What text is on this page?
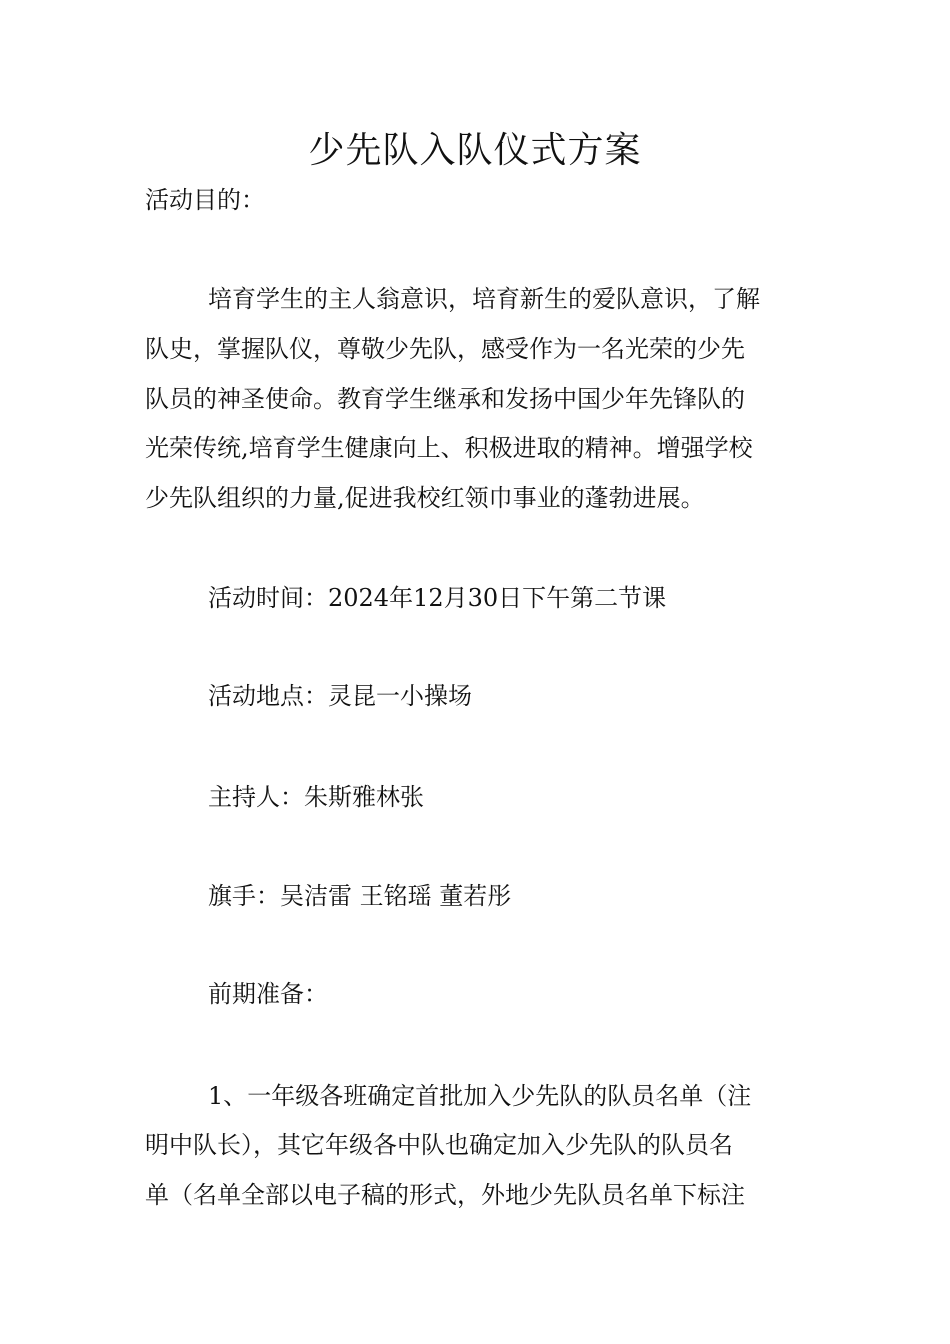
少先队入队仪式方案

活动目的：

培育学生的主人翁意识，培育新生的爱队意识，了解

队史，掌握队仪，尊敬少先队，感受作为一名光荣的少先

队员的神圣使命。教育学生继承和发扬中国少年先锋队的

光荣传统,培育学生健康向上、积极进取的精神。增强学校

少先队组织的力量,促进我校红领巾事业的蓬勃进展。

活动时间：2024年12月30日下午第二节课

活动地点：灵昆一小操场

主持人：朱斯雅林张

旗手：吴洁雷 王铭瑶 董若彤

前期准备：

1、一年级各班确定首批加入少先队的队员名单（注

明中队长），其它年级各中队也确定加入少先队的队员名

单（名单全部以电子稿的形式，外地少先队员名单下标注
